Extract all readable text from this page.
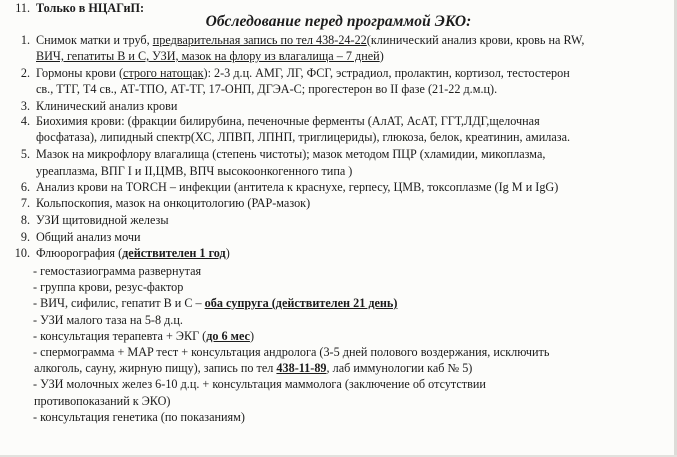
Обследование перед программой ЭКО:
1. Снимок матки и труб, предварительная запись по тел 438-24-22(клинический анализ крови, кровь на RW,
ВИЧ, гепатиты В и С, УЗИ, мазок на флору из влагалища – 7 дней)
2. Гормоны крови (строго натощак): 2-3 д.ц. АМГ, ЛГ, ФСГ, эстрадиол, пролактин, кортизол, тестостерон
св., ТТГ, Т4 св., АТ-ТПО, АТ-ТГ, 17-ОНП, ДГЭА-С; прогестерон во II фазе (21-22 д.м.ц).
3. Клинический анализ крови
4. Биохимия крови: (фракции билирубина, печеночные ферменты (АлАТ, АсАТ, ГГТ,ЛДГ,щелочная
фосфатаза), липидный спектр(ХС, ЛПВП, ЛПНП, триглицериды), глюкоза, белок, креатинин, амилаза.
5. Мазок на микрофлору влагалища (степень чистоты); мазок методом ПЦР (хламидии, микоплазма,
уреаплазма, ВПГ I и II,ЦМВ, ВПЧ высокоонкогенного типа )
6. Анализ крови на TORCH – инфекции (антитела к краснухе, герпесу, ЦМВ, токсоплазме (Ig M и IgG)
7. Кольпоскопия, мазок на онкоцитологию (РАР-мазок)
8. УЗИ щитовидной железы
9. Общий анализ мочи
10. Флюорография (действителен 1 год)
11. Только в НЦАГиП:
- гемостазиограмма развернутая
- группа крови, резус-фактор
- ВИЧ, сифилис, гепатит В и С – оба супруга (действителен 21 день)
- УЗИ малого таза на 5-8 д.ц.
- консультация терапевта + ЭКГ (до 6 мес)
- спермограмма + MAP тест + консультация андролога (3-5 дней полового воздержания, исключить
алкоголь, сауну, жирную пищу), запись по тел 438-11-89, лаб иммунологии каб № 5)
- УЗИ молочных желез 6-10 д.ц. + консультация маммолога (заключение об отсутствии
противопоказаний к ЭКО)
- консультация генетика (по показаниям)
